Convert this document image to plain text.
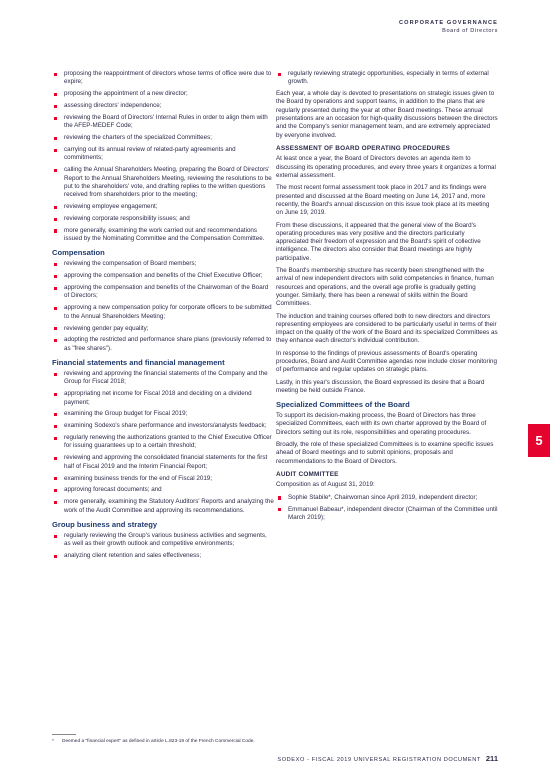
CORPORATE GOVERNANCE
Board of Directors
proposing the reappointment of directors whose terms of office were due to expire;
proposing the appointment of a new director;
assessing directors' independence;
reviewing the Board of Directors' Internal Rules in order to align them with the AFEP-MEDEF Code;
reviewing the charters of the specialized Committees;
carrying out its annual review of related-party agreements and commitments;
calling the Annual Shareholders Meeting, preparing the Board of Directors' Report to the Annual Shareholders Meeting, reviewing the resolutions to be put to the shareholders' vote, and drafting replies to the written questions received from shareholders prior to the meeting;
reviewing employee engagement;
reviewing corporate responsibility issues; and
more generally, examining the work carried out and recommendations issued by the Nominating Committee and the Compensation Committee.
Compensation
reviewing the compensation of Board members;
approving the compensation and benefits of the Chief Executive Officer;
approving the compensation and benefits of the Chairwoman of the Board of Directors;
approving a new compensation policy for corporate officers to be submitted to the Annual Shareholders Meeting;
reviewing gender pay equality;
adopting the restricted and performance share plans (previously referred to as "free shares").
Financial statements and financial management
reviewing and approving the financial statements of the Company and the Group for Fiscal 2018;
appropriating net income for Fiscal 2018 and deciding on a dividend payment;
examining the Group budget for Fiscal 2019;
examining Sodexo's share performance and investors/analysts feedback;
regularly renewing the authorizations granted to the Chief Executive Officer for issuing guarantees up to a certain threshold;
reviewing and approving the consolidated financial statements for the first half of Fiscal 2019 and the Interim Financial Report;
examining business trends for the end of Fiscal 2019;
approving forecast documents; and
more generally, examining the Statutory Auditors' Reports and analyzing the work of the Audit Committee and approving its recommendations.
Group business and strategy
regularly reviewing the Group's various business activities and segments, as well as their growth outlook and competitive environments;
analyzing client retention and sales effectiveness;
regularly reviewing strategic opportunities, especially in terms of external growth.

Each year, a whole day is devoted to presentations on strategic issues given to the Board by operations and support teams, in addition to the plans that are regularly presented during the year at other Board meetings. These annual presentations are an occasion for high-quality discussions between the directors and the Company's senior management team, and are extremely appreciated by everyone involved.

ASSESSMENT OF BOARD OPERATING PROCEDURES

At least once a year, the Board of Directors devotes an agenda item to discussing its operating procedures, and every three years it organizes a formal external assessment.

The most recent formal assessment took place in 2017 and its findings were presented and discussed at the Board meeting on June 14, 2017 and, more recently, the Board's annual discussion on this issue took place at its meeting on June 19, 2019.

From these discussions, it appeared that the general view of the Board's operating procedures was very positive and the directors particularly appreciated their freedom of expression and the Board's spirit of collective intelligence. The directors also consider that Board meetings are highly participative.

The Board's membership structure has recently been strengthened with the arrival of new independent directors with solid competencies in finance, human resources and operations, and the overall age profile is gradually getting younger. Similarly, there has been a renewal of skills within the Board Committees.

The induction and training courses offered both to new directors and directors representing employees are considered to be particularly useful in terms of their impact on the quality of the work of the Board and its specialized Committees as they enhance each director's individual contribution.

In response to the findings of previous assessments of Board's operating procedures, Board and Audit Committee agendas now include closer monitoring of performance and regular updates on strategic plans.

Lastly, in this year's discussion, the Board expressed its desire that a Board meeting be held outside France.

Specialized Committees of the Board

To support its decision-making process, the Board of Directors has three specialized Committees, each with its own charter approved by the Board of Directors setting out its role, responsibilities and operating procedures.

Broadly, the role of these specialized Committees is to examine specific issues ahead of Board meetings and to submit opinions, proposals and recommendations to the Board of Directors.

AUDIT COMMITTEE

Composition as of August 31, 2019:

Sophie Stabile*, Chairwoman since April 2019, independent director;
Emmanuel Babeau*, independent director (Chairman of the Committee until March 2019);
5
* Deemed a "financial expert" as defined in article L.823-19 of the French Commercial Code.
SODEXO - FISCAL 2019 UNIVERSAL REGISTRATION DOCUMENT 211
